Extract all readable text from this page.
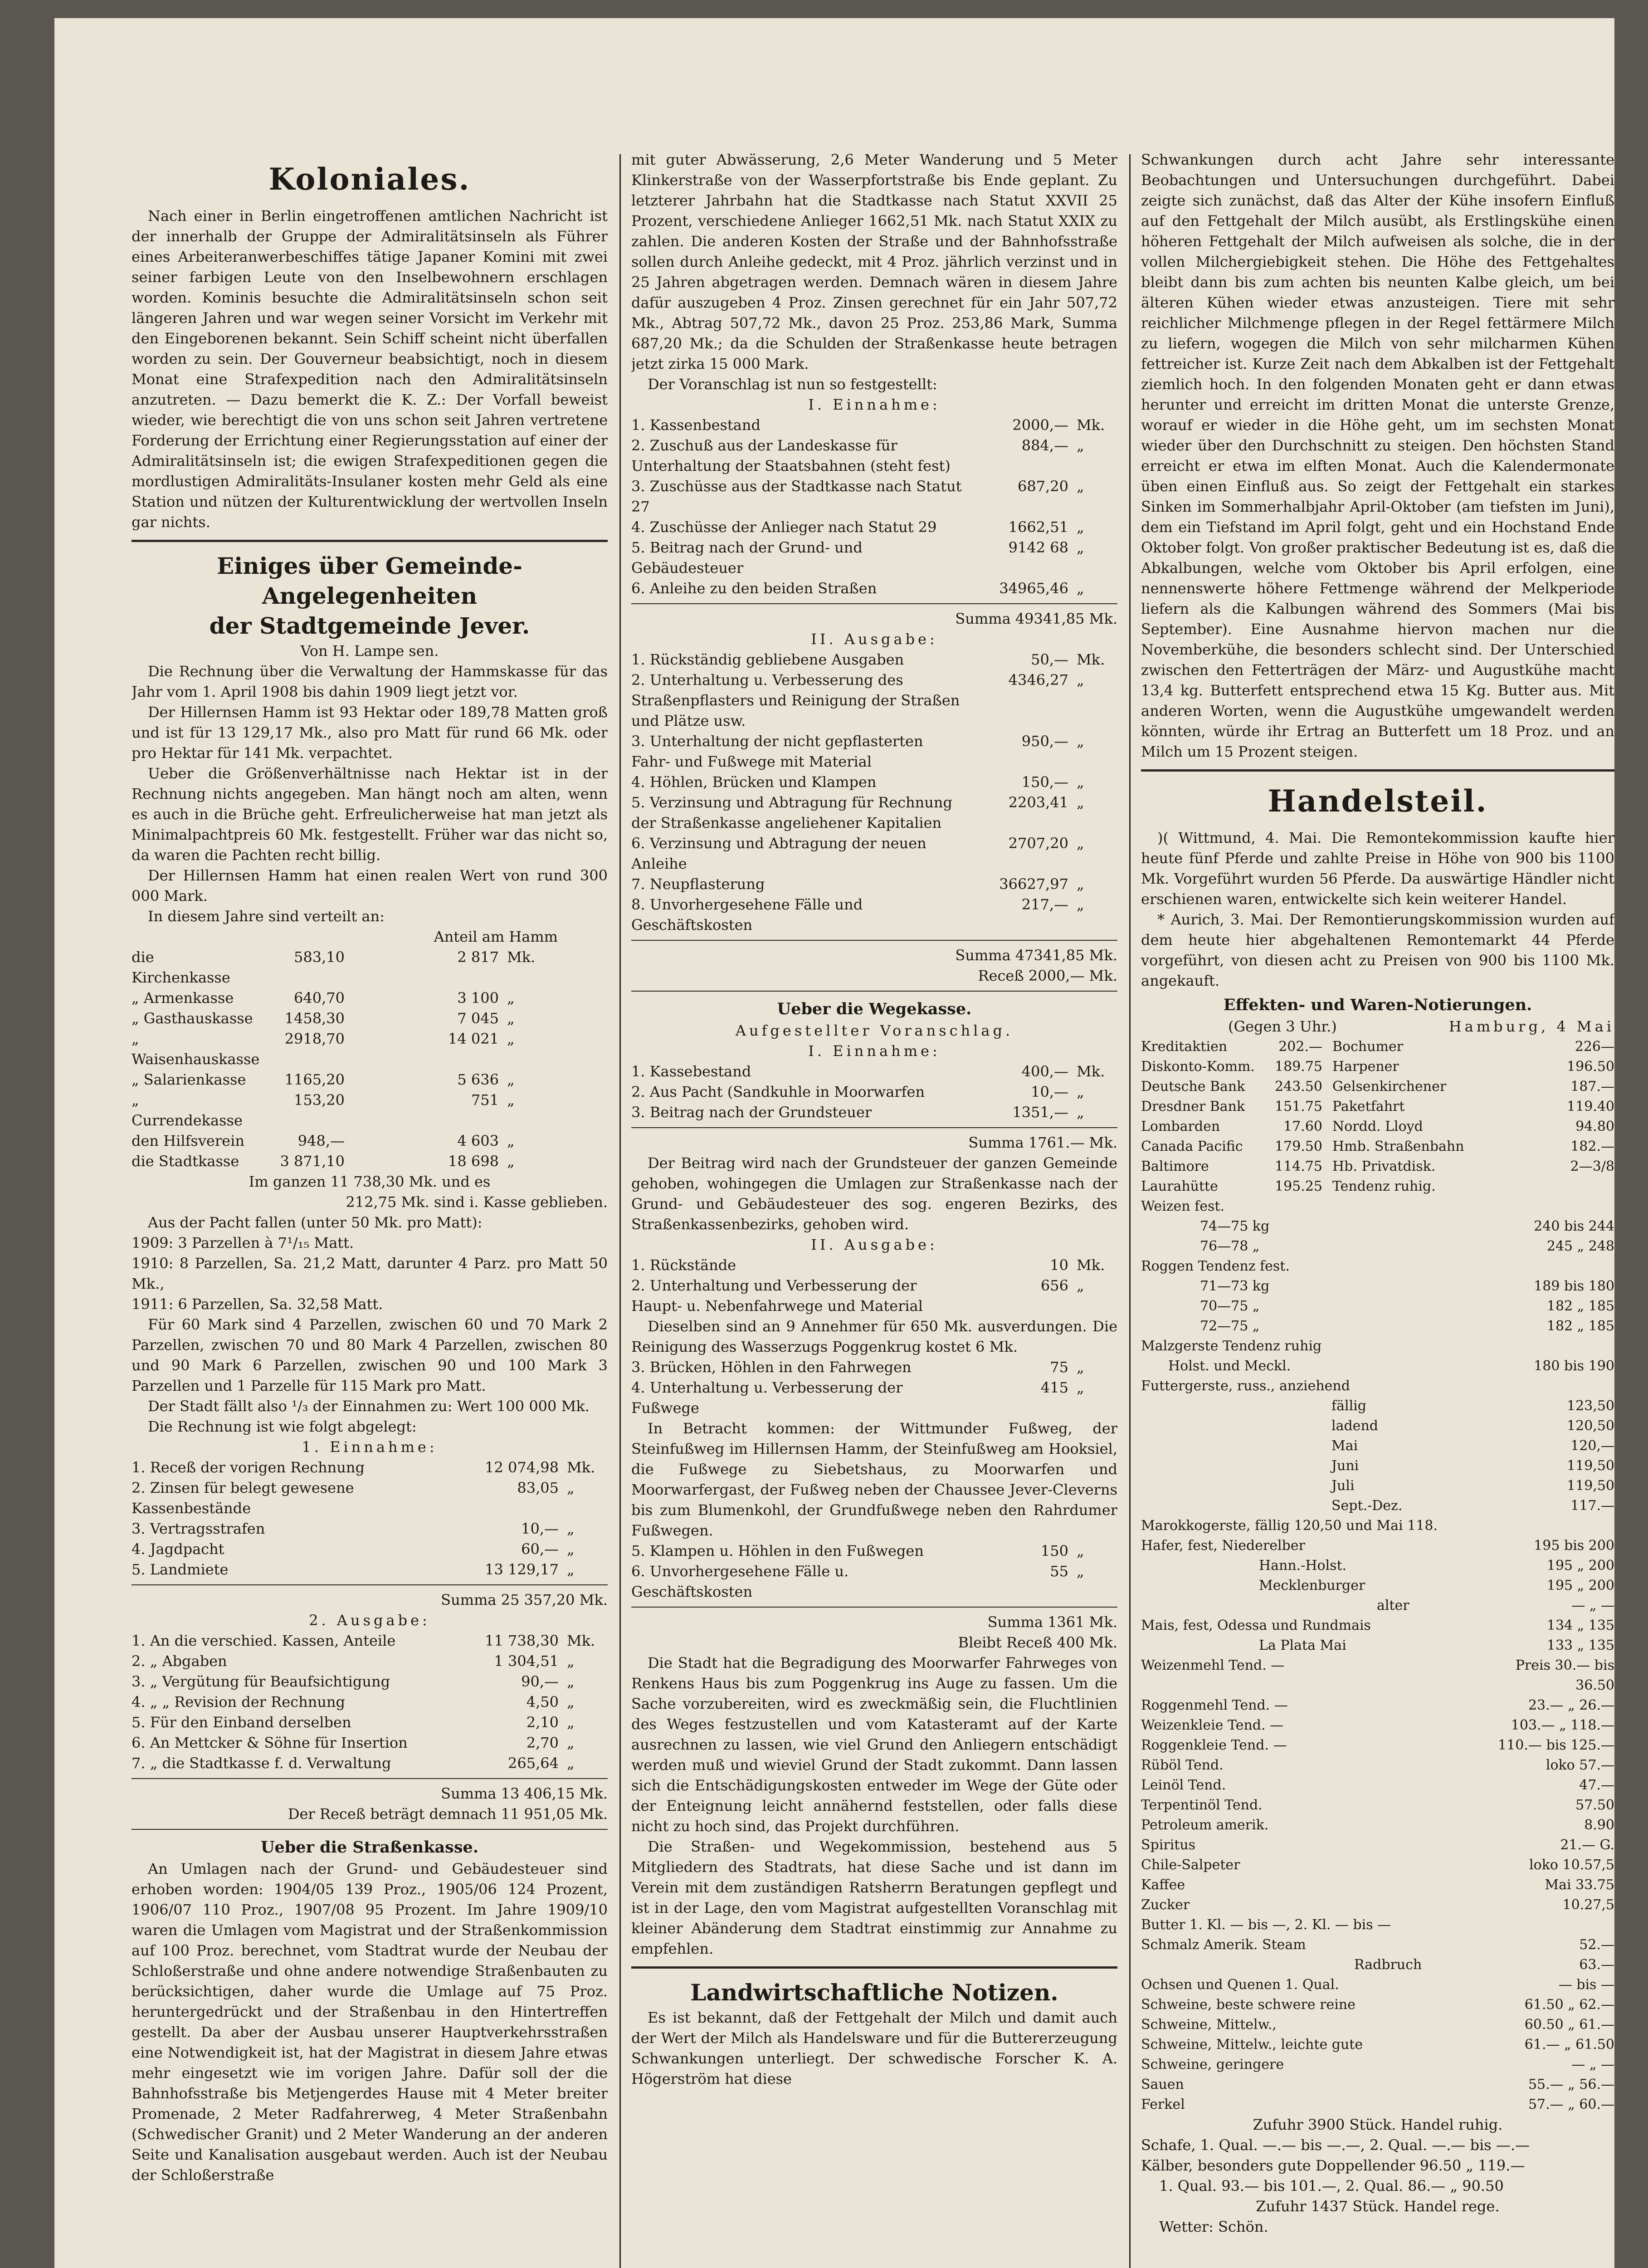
Koloniales.

Nach einer in Berlin eingetroffenen amtlichen Nachricht ist der innerhalb der Gruppe der Admiralitätsinseln als Führer eines Arbeiteranwerbeschiffes tätige Japaner Komini mit zwei seiner farbigen Leute von den Inselbewohnern erschlagen worden. Kominis besuchte die Admiralitätsinseln schon seit längeren Jahren und war wegen seiner Vorsicht im Verkehr mit den Eingeborenen bekannt. Sein Schiff scheint nicht überfallen worden zu sein. Der Gouverneur beabsichtigt, noch in diesem Monat eine Strafexpedition nach den Admiralitätsinseln anzutreten. — Dazu bemerkt die K. Z.: Der Vorfall beweist wieder, wie berechtigt die von uns schon seit Jahren vertretene Forderung der Errichtung einer Regierungsstation auf einer der Admiralitätsinseln ist; die ewigen Strafexpeditionen gegen die mordlustigen Admiralitäts-Insulaner kosten mehr Geld als eine Station und nützen der Kulturentwicklung der wertvollen Inseln gar nichts.

Einiges über Gemeinde-Angelegenheiten
der Stadtgemeinde Jever.

Von H. Lampe sen.

Die Rechnung über die Verwaltung der Hammskasse für das Jahr vom 1. April 1908 bis dahin 1909 liegt jetzt vor.

Der Hillernsen Hamm ist 93 Hektar oder 189,78 Matten groß und ist für 13 129,17 Mk., also pro Matt für rund 66 Mk. oder pro Hektar für 141 Mk. verpachtet.

Ueber die Größenverhältnisse nach Hektar ist in der Rechnung nichts angegeben. Man hängt noch am alten, wenn es auch in die Brüche geht. Erfreulicherweise hat man jetzt als Minimalpachtpreis 60 Mk. festgestellt. Früher war das nicht so, da waren die Pachten recht billig.

Der Hillernsen Hamm hat einen realen Wert von rund 300 000 Mark.

In diesem Jahre sind verteilt an:

Anteil am Hamm

die Kirchenkasse
583,10	2 817 Mk.
„ Armenkasse	640,70	3 100 „
„ Gasthauskasse	1458,30	7 045 „
„ Waisenhauskasse
2918,70	14 021 „
„ Salarienkasse	1165,20	5 636 „
„ Currendekasse
153,20	751 „
den Hilfsverein	948,—	4 603 „
die Stadtkasse	3 871,10	18 698 „

Im ganzen 11 738,30 Mk. und es

212,75 Mk. sind i. Kasse geblieben.

Aus der Pacht fallen (unter 50 Mk. pro Matt):

1909: 3 Parzellen à 7¹/₁₅ Matt.

1910: 8 Parzellen, Sa. 21,2 Matt, darunter 4 Parz. pro Matt 50 Mk.,

1911: 6 Parzellen, Sa. 32,58 Matt.

Für 60 Mark sind 4 Parzellen, zwischen 60 und 70 Mark 2 Parzellen, zwischen 70 und 80 Mark 4 Parzellen, zwischen 80 und 90 Mark 6 Parzellen, zwischen 90 und 100 Mark 3 Parzellen und 1 Parzelle für 115 Mark pro Matt.

Der Stadt fällt also ¹/₃ der Einnahmen zu: Wert 100 000 Mk.

Die Rechnung ist wie folgt abgelegt:

1. Einnahme:

1. Receß der vorigen Rechnung	12 074,98 Mk.
2. Zinsen für belegt gewesene Kassenbestände
83,05 „
3. Vertragsstrafen	10,— „
4. Jagdpacht	60,— „
5. Landmiete	13 129,17 „

Summa 25 357,20 Mk.

2. Ausgabe:

1. An die verschied. Kassen, Anteile	11 738,30 Mk.
2. „ Abgaben	1 304,51 „
3. „ Vergütung für Beaufsichtigung	90,— „
4. „ „ Revision der Rechnung	4,50 „
5. Für den Einband derselben	2,10 „
6. An Mettcker & Söhne für Insertion	2,70 „
7. „ die Stadtkasse f. d. Verwaltung	265,64 „

Summa 13 406,15 Mk.

Der Receß beträgt demnach 11 951,05 Mk.

Ueber die Straßenkasse.

An Umlagen nach der Grund- und Gebäudesteuer sind erhoben worden: 1904/05 139 Proz., 1905/06 124 Prozent, 1906/07 110 Proz., 1907/08 95 Prozent. Im Jahre 1909/10 waren die Umlagen vom Magistrat und der Straßenkommission auf 100 Proz. berechnet, vom Stadtrat wurde der Neubau der Schloßerstraße und ohne andere notwendige Straßenbauten zu berücksichtigen, daher wurde die Umlage auf 75 Proz. heruntergedrückt und der Straßenbau in den Hintertreffen gestellt. Da aber der Ausbau unserer Hauptverkehrsstraßen eine Notwendigkeit ist, hat der Magistrat in diesem Jahre etwas mehr eingesetzt wie im vorigen Jahre. Dafür soll der die Bahnhofsstraße bis Metjengerdes Hause mit 4 Meter breiter Promenade, 2 Meter Radfahrerweg, 4 Meter Straßenbahn (Schwedischer Granit) und 2 Meter Wanderung an der anderen Seite und Kanalisation ausgebaut werden. Auch ist der Neubau der Schloßerstraße

mit guter Abwässerung, 2,6 Meter Wanderung und 5 Meter Klinkerstraße von der Wasserpfortstraße bis Ende geplant. Zu letzterer Jahrbahn hat die Stadtkasse nach Statut XXVII 25 Prozent, verschiedene Anlieger 1662,51 Mk. nach Statut XXIX zu zahlen. Die anderen Kosten der Straße und der Bahnhofsstraße sollen durch Anleihe gedeckt, mit 4 Proz. jährlich verzinst und in 25 Jahren abgetragen werden. Demnach wären in diesem Jahre dafür auszugeben 4 Proz. Zinsen gerechnet für ein Jahr 507,72 Mk., Abtrag 507,72 Mk., davon 25 Proz. 253,86 Mark, Summa 687,20 Mk.; da die Schulden der Straßenkasse heute betragen jetzt zirka 15 000 Mark.

Der Voranschlag ist nun so festgestellt:

I. Einnahme:

1. Kassenbestand	2000,— Mk.
2. Zuschuß aus der Landeskasse für Unterhaltung der Staatsbahnen (steht fest)
884,— „
3. Zuschüsse aus der Stadtkasse nach Statut 27
687,20 „
4. Zuschüsse der Anlieger nach Statut 29	1662,51 „
5. Beitrag nach der Grund- und Gebäudesteuer
9142 68 „
6. Anleihe zu den beiden Straßen	34965,46 „

Summa 49341,85 Mk.

II. Ausgabe:

1. Rückständig gebliebene Ausgaben	50,— Mk.
2. Unterhaltung u. Verbesserung des Straßenpflasters und Reinigung der Straßen und Plätze usw.
4346,27 „
3. Unterhaltung der nicht gepflasterten Fahr- und Fußwege mit Material
950,— „
4. Höhlen, Brücken und Klampen	150,— „
5. Verzinsung und Abtragung für Rechnung der Straßenkasse angeliehener Kapitalien
2203,41 „
6. Verzinsung und Abtragung der neuen Anleihe
2707,20 „
7. Neupflasterung	36627,97 „
8. Unvorhergesehene Fälle und Geschäftskosten
217,— „

Summa 47341,85 Mk.

Receß 2000,— Mk.

Ueber die Wegekasse.

Aufgestellter Voranschlag.

I. Einnahme:

1. Kassebestand	400,— Mk.
2. Aus Pacht (Sandkuhle in Moorwarfen	10,— „
3. Beitrag nach der Grundsteuer	1351,— „

Summa 1761.— Mk.

Der Beitrag wird nach der Grundsteuer der ganzen Gemeinde gehoben, wohingegen die Umlagen zur Straßenkasse nach der Grund- und Gebäudesteuer des sog. engeren Bezirks, des Straßenkassenbezirks, gehoben wird.

II. Ausgabe:

1. Rückstände	10 Mk.
2. Unterhaltung und Verbesserung der Haupt- u. Nebenfahrwege und Material
656 „

Dieselben sind an 9 Annehmer für 650 Mk. ausverdungen. Die Reinigung des Wasserzugs Poggenkrug kostet 6 Mk.

3. Brücken, Höhlen in den Fahrwegen	75 „
4. Unterhaltung u. Verbesserung der Fußwege
415 „

In Betracht kommen: der Wittmunder Fußweg, der Steinfußweg im Hillernsen Hamm, der Steinfußweg am Hooksiel, die Fußwege zu Siebetshaus, zu Moorwarfen und Moorwarfergast, der Fußweg neben der Chaussee Jever-Cleverns bis zum Blumenkohl, der Grundfußwege neben den Rahrdumer Fußwegen.

5. Klampen u. Höhlen in den Fußwegen	150 „
6. Unvorhergesehene Fälle u. Geschäftskosten
55 „

Summa 1361 Mk.

Bleibt Receß 400 Mk.

Die Stadt hat die Begradigung des Moorwarfer Fahrweges von Renkens Haus bis zum Poggenkrug ins Auge zu fassen. Um die Sache vorzubereiten, wird es zweckmäßig sein, die Fluchtlinien des Weges festzustellen und vom Katasteramt auf der Karte ausrechnen zu lassen, wie viel Grund den Anliegern entschädigt werden muß und wieviel Grund der Stadt zukommt. Dann lassen sich die Entschädigungskosten entweder im Wege der Güte oder der Enteignung leicht annähernd feststellen, oder falls diese nicht zu hoch sind, das Projekt durchführen.

Die Straßen- und Wegekommission, bestehend aus 5 Mitgliedern des Stadtrats, hat diese Sache und ist dann im Verein mit dem zuständigen Ratsherrn Beratungen gepflegt und ist in der Lage, den vom Magistrat aufgestellten Voranschlag mit kleiner Abänderung dem Stadtrat einstimmig zur Annahme zu empfehlen.

Landwirtschaftliche Notizen.

Es ist bekannt, daß der Fettgehalt der Milch und damit auch der Wert der Milch als Handelsware und für die Buttererzeugung Schwankungen unterliegt. Der schwedische Forscher K. A. Högerström hat diese

Schwankungen durch acht Jahre sehr interessante Beobachtungen und Untersuchungen durchgeführt. Dabei zeigte sich zunächst, daß das Alter der Kühe insofern Einfluß auf den Fettgehalt der Milch ausübt, als Erstlingskühe einen höheren Fettgehalt der Milch aufweisen als solche, die in der vollen Milchergiebigkeit stehen. Die Höhe des Fettgehaltes bleibt dann bis zum achten bis neunten Kalbe gleich, um bei älteren Kühen wieder etwas anzusteigen. Tiere mit sehr reichlicher Milchmenge pflegen in der Regel fettärmere Milch zu liefern, wogegen die Milch von sehr milcharmen Kühen fettreicher ist. Kurze Zeit nach dem Abkalben ist der Fettgehalt ziemlich hoch. In den folgenden Monaten geht er dann etwas herunter und erreicht im dritten Monat die unterste Grenze, worauf er wieder in die Höhe geht, um im sechsten Monat wieder über den Durchschnitt zu steigen. Den höchsten Stand erreicht er etwa im elften Monat. Auch die Kalendermonate üben einen Einfluß aus. So zeigt der Fettgehalt ein starkes Sinken im Sommerhalbjahr April-Oktober (am tiefsten im Juni), dem ein Tiefstand im April folgt, geht und ein Hochstand Ende Oktober folgt. Von großer praktischer Bedeutung ist es, daß die Abkalbungen, welche vom Oktober bis April erfolgen, eine nennenswerte höhere Fettmenge während der Melkperiode liefern als die Kalbungen während des Sommers (Mai bis September). Eine Ausnahme hiervon machen nur die Novemberkühe, die besonders schlecht sind. Der Unterschied zwischen den Fetterträgen der März- und Augustkühe macht 13,4 kg. Butterfett entsprechend etwa 15 Kg. Butter aus. Mit anderen Worten, wenn die Augustkühe umgewandelt werden könnten, würde ihr Ertrag an Butterfett um 18 Proz. und an Milch um 15 Prozent steigen.

Handelsteil.

)( Wittmund, 4. Mai. Die Remontekommission kaufte hier heute fünf Pferde und zahlte Preise in Höhe von 900 bis 1100 Mk. Vorgeführt wurden 56 Pferde. Da auswärtige Händler nicht erschienen waren, entwickelte sich kein weiterer Handel.

* Aurich, 3. Mai. Der Remontierungskommission wurden auf dem heute hier abgehaltenen Remontemarkt 44 Pferde vorgeführt, von diesen acht zu Preisen von 900 bis 1100 Mk. angekauft.

Effekten- und Waren-Notierungen.
(Gegen 3 Uhr.)	Hamburg, 4 Mai
Kreditaktien	202.— Bochumer	226—
Diskonto-Komm.	189.75 Harpener	196.50
Deutsche Bank	243.50 Gelsenkirchener	187.—
Dresdner Bank	151.75 Paketfahrt	119.40
Lombarden	17.60 Nordd. Lloyd	94.80
Canada Pacific	179.50 Hmb. Straßenbahn	182.—
Baltimore	114.75 Hb. Privatdisk.	2—3/8
Laurahütte	195.25 Tendenz ruhig.
Weizen fest.
74—75 kg	240 bis 244
76—78 „	245 „ 248
Roggen Tendenz fest.
71—73 kg	189 bis 180
70—75 „	182 „ 185
72—75 „	182 „ 185
Malzgerste Tendenz ruhig
Holst. und Meckl.	180 bis 190
Futtergerste, russ., anziehend
fällig	123,50
ladend	120,50
Mai	120,—
Juni	119,50
Juli	119,50
Sept.-Dez.	117.—
Marokkogerste, fällig 120,50 und Mai 118.
Hafer, fest, Niederelber	195 bis 200
Hann.-Holst.	195 „ 200
Mecklenburger	195 „ 200
alter	— „ —
Mais, fest, Odessa und Rundmais	134 „ 135
La Plata Mai	133 „ 135
Weizenmehl Tend. —	Preis 30.— bis 36.50
Roggenmehl Tend. —	23.— „ 26.—
Weizenkleie Tend. —	103.— „ 118.—
Roggenkleie Tend. —	110.— bis 125.—
Rüböl Tend.	loko 57.—
Leinöl Tend.	47.—
Terpentinöl Tend.	57.50
Petroleum amerik.	8.90
Spiritus	21.— G.
Chile-Salpeter	loko 10.57,5
Kaffee	Mai 33.75
Zucker	10.27,5
Butter 1. Kl. — bis —, 2. Kl. — bis —
Schmalz Amerik. Steam	52.—
Radbruch	63.—
Ochsen und Quenen 1. Qual.	— bis —
Schweine, beste schwere reine	61.50 „ 62.—
Schweine, Mittelw.,	60.50 „ 61.—
Schweine, Mittelw., leichte gute	61.— „ 61.50
Schweine, geringere	— „ —
Sauen	55.— „ 56.—
Ferkel	57.— „ 60.—

Zufuhr 3900 Stück. Handel ruhig.

Schafe, 1. Qual. —.— bis —.—, 2. Qual. —.— bis —.—

Kälber, besonders gute Doppellender 96.50 „ 119.—

1. Qual. 93.— bis 101.—, 2. Qual. 86.— „ 90.50

Zufuhr 1437 Stück. Handel rege.

Wetter: Schön.
